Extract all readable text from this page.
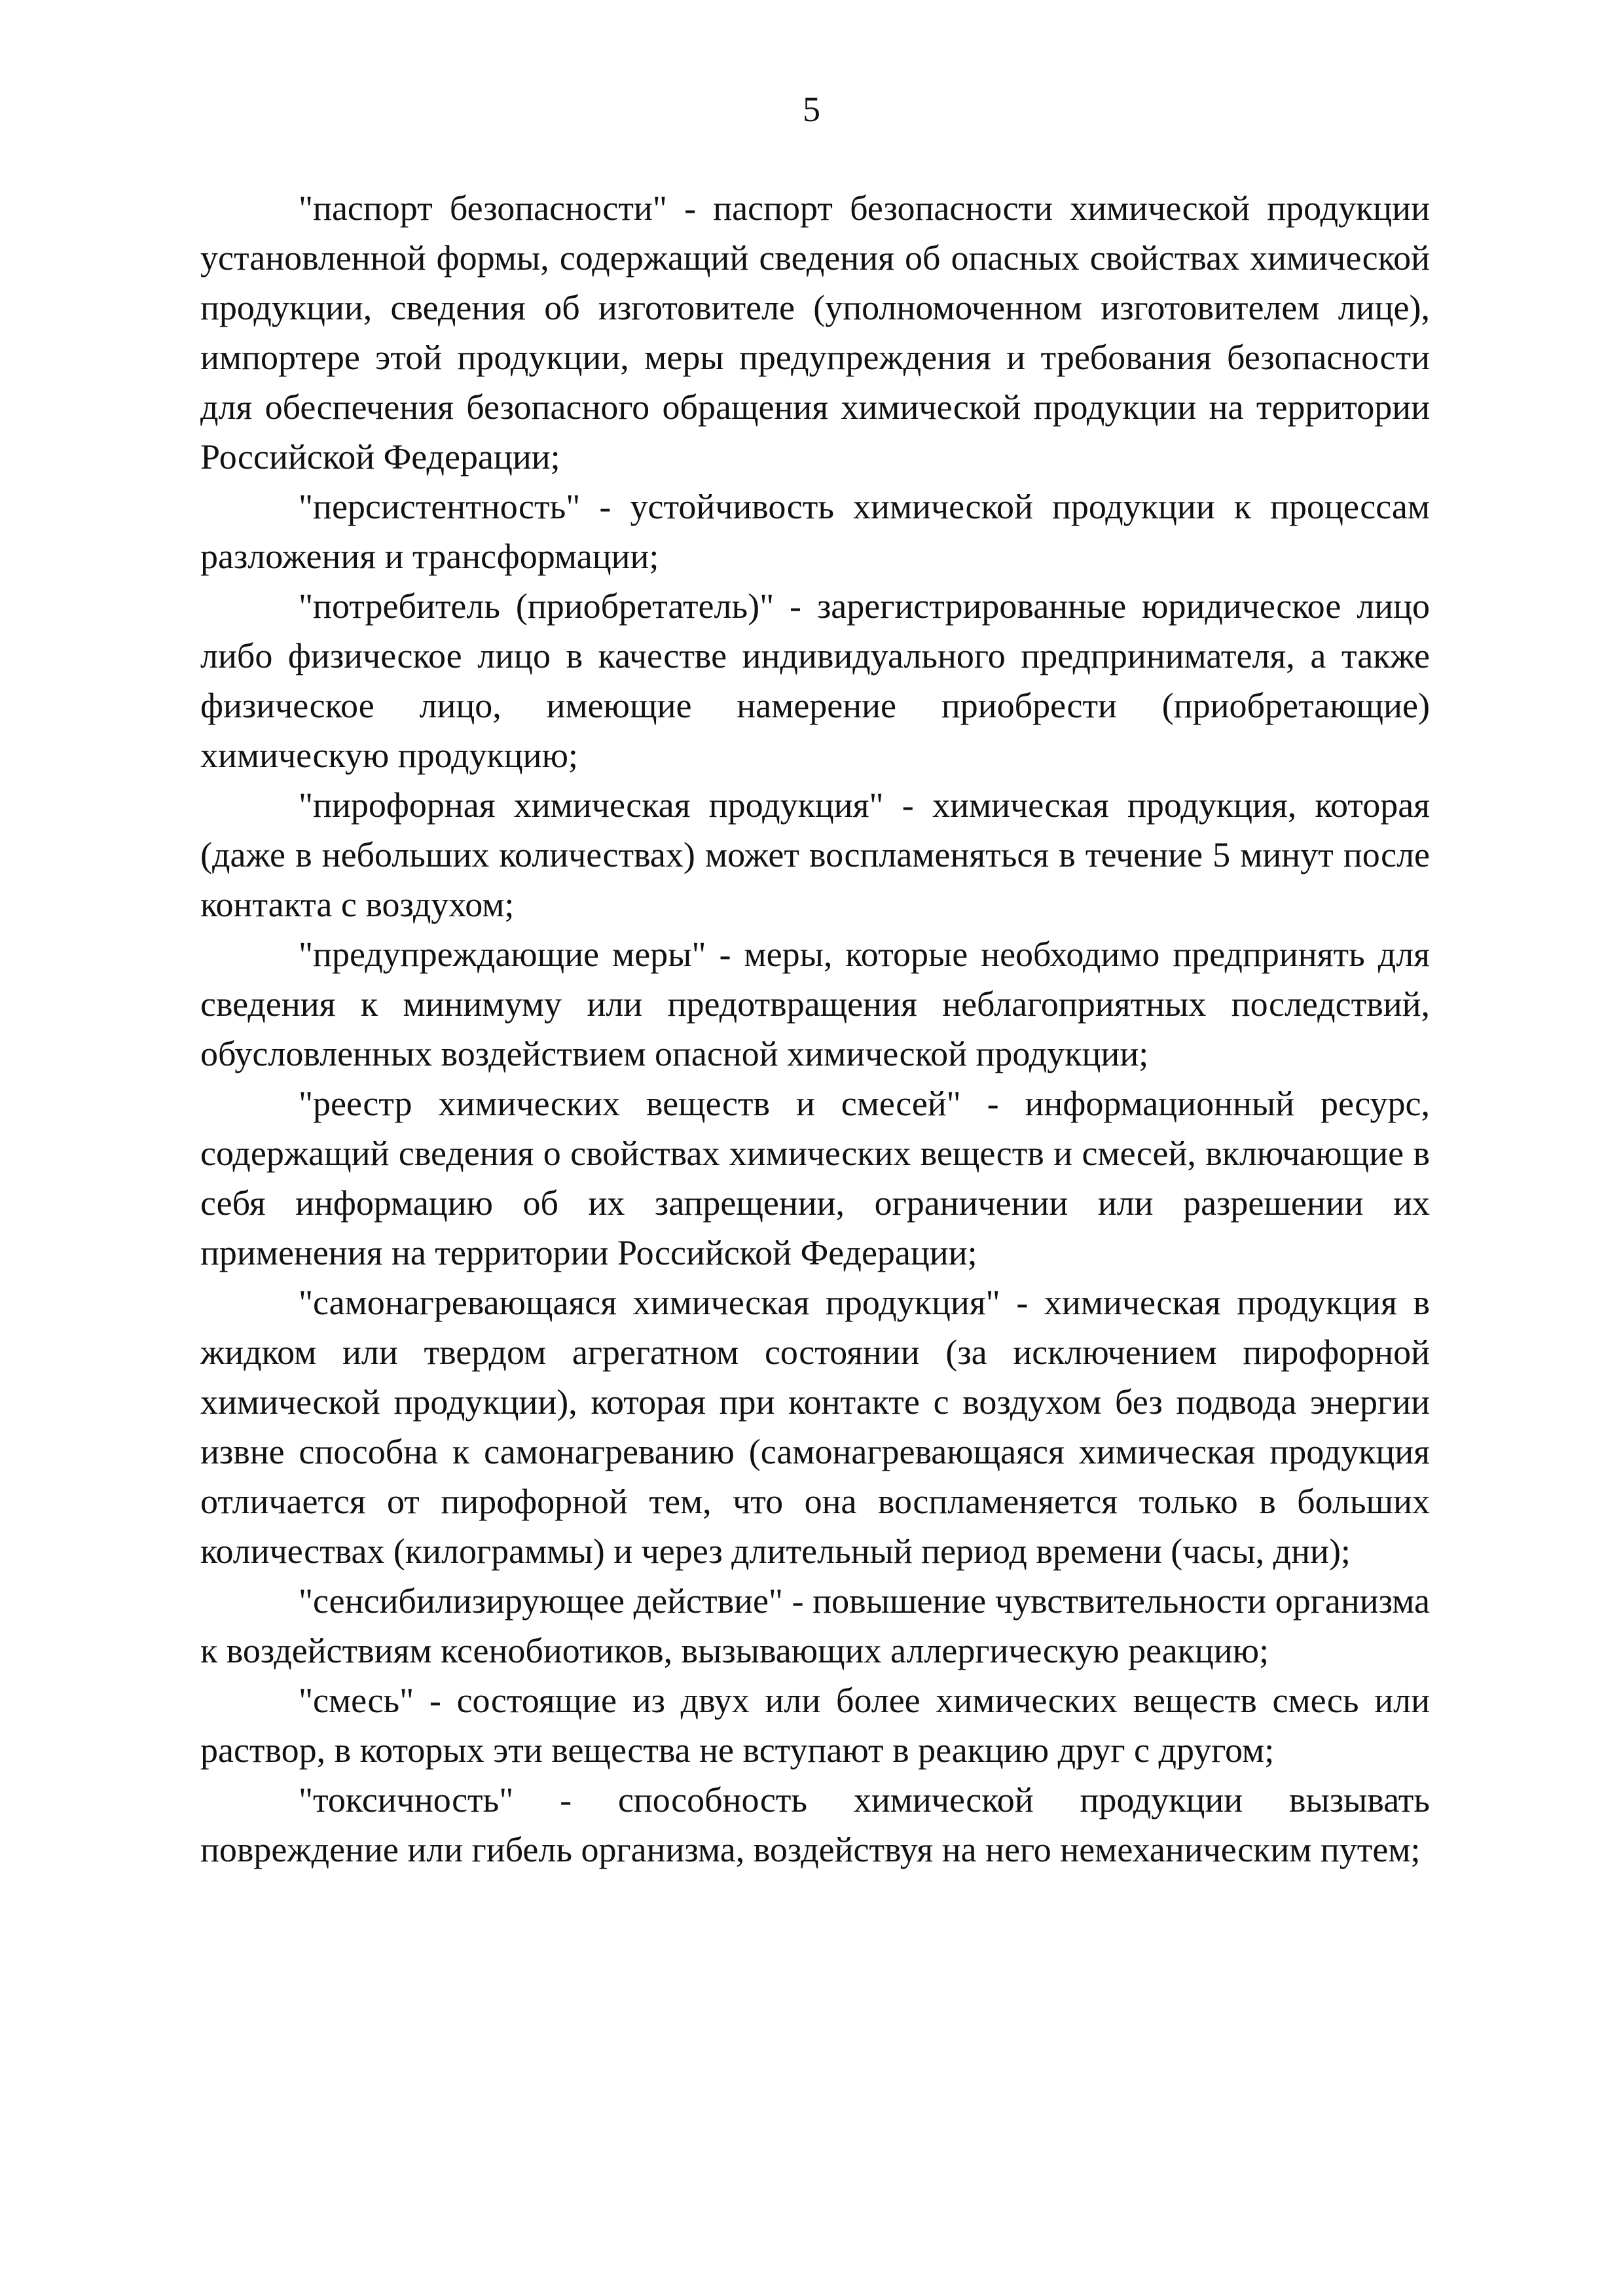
5

"паспорт безопасности" - паспорт безопасности химической продукции установленной формы, содержащий сведения об опасных свойствах химической продукции, сведения об изготовителе (уполномоченном изготовителем лице), импортере этой продукции, меры предупреждения и требования безопасности для обеспечения безопасного обращения химической продукции на территории Российской Федерации;

"персистентность" - устойчивость химической продукции к процессам разложения и трансформации;

"потребитель (приобретатель)" - зарегистрированные юридическое лицо либо физическое лицо в качестве индивидуального предпринимателя, а также физическое лицо, имеющие намерение приобрести (приобретающие) химическую продукцию;

"пирофорная химическая продукция" - химическая продукция, которая (даже в небольших количествах) может воспламеняться в течение 5 минут после контакта с воздухом;

"предупреждающие меры" - меры, которые необходимо предпринять для сведения к минимуму или предотвращения неблагоприятных последствий, обусловленных воздействием опасной химической продукции;

"реестр химических веществ и смесей" - информационный ресурс, содержащий сведения о свойствах химических веществ и смесей, включающие в себя информацию об их запрещении, ограничении или разрешении их применения на территории Российской Федерации;

"самонагревающаяся химическая продукция" - химическая продукция в жидком или твердом агрегатном состоянии (за исключением пирофорной химической продукции), которая при контакте с воздухом без подвода энергии извне способна к самонагреванию (самонагревающаяся химическая продукция отличается от пирофорной тем, что она воспламеняется только в больших количествах (килограммы) и через длительный период времени (часы, дни);

"сенсибилизирующее действие" - повышение чувствительности организма к воздействиям ксенобиотиков, вызывающих аллергическую реакцию;

"смесь" - состоящие из двух или более химических веществ смесь или раствор, в которых эти вещества не вступают в реакцию друг с другом;

"токсичность" - способность химической продукции вызывать повреждение или гибель организма, воздействуя на него немеханическим путем;
